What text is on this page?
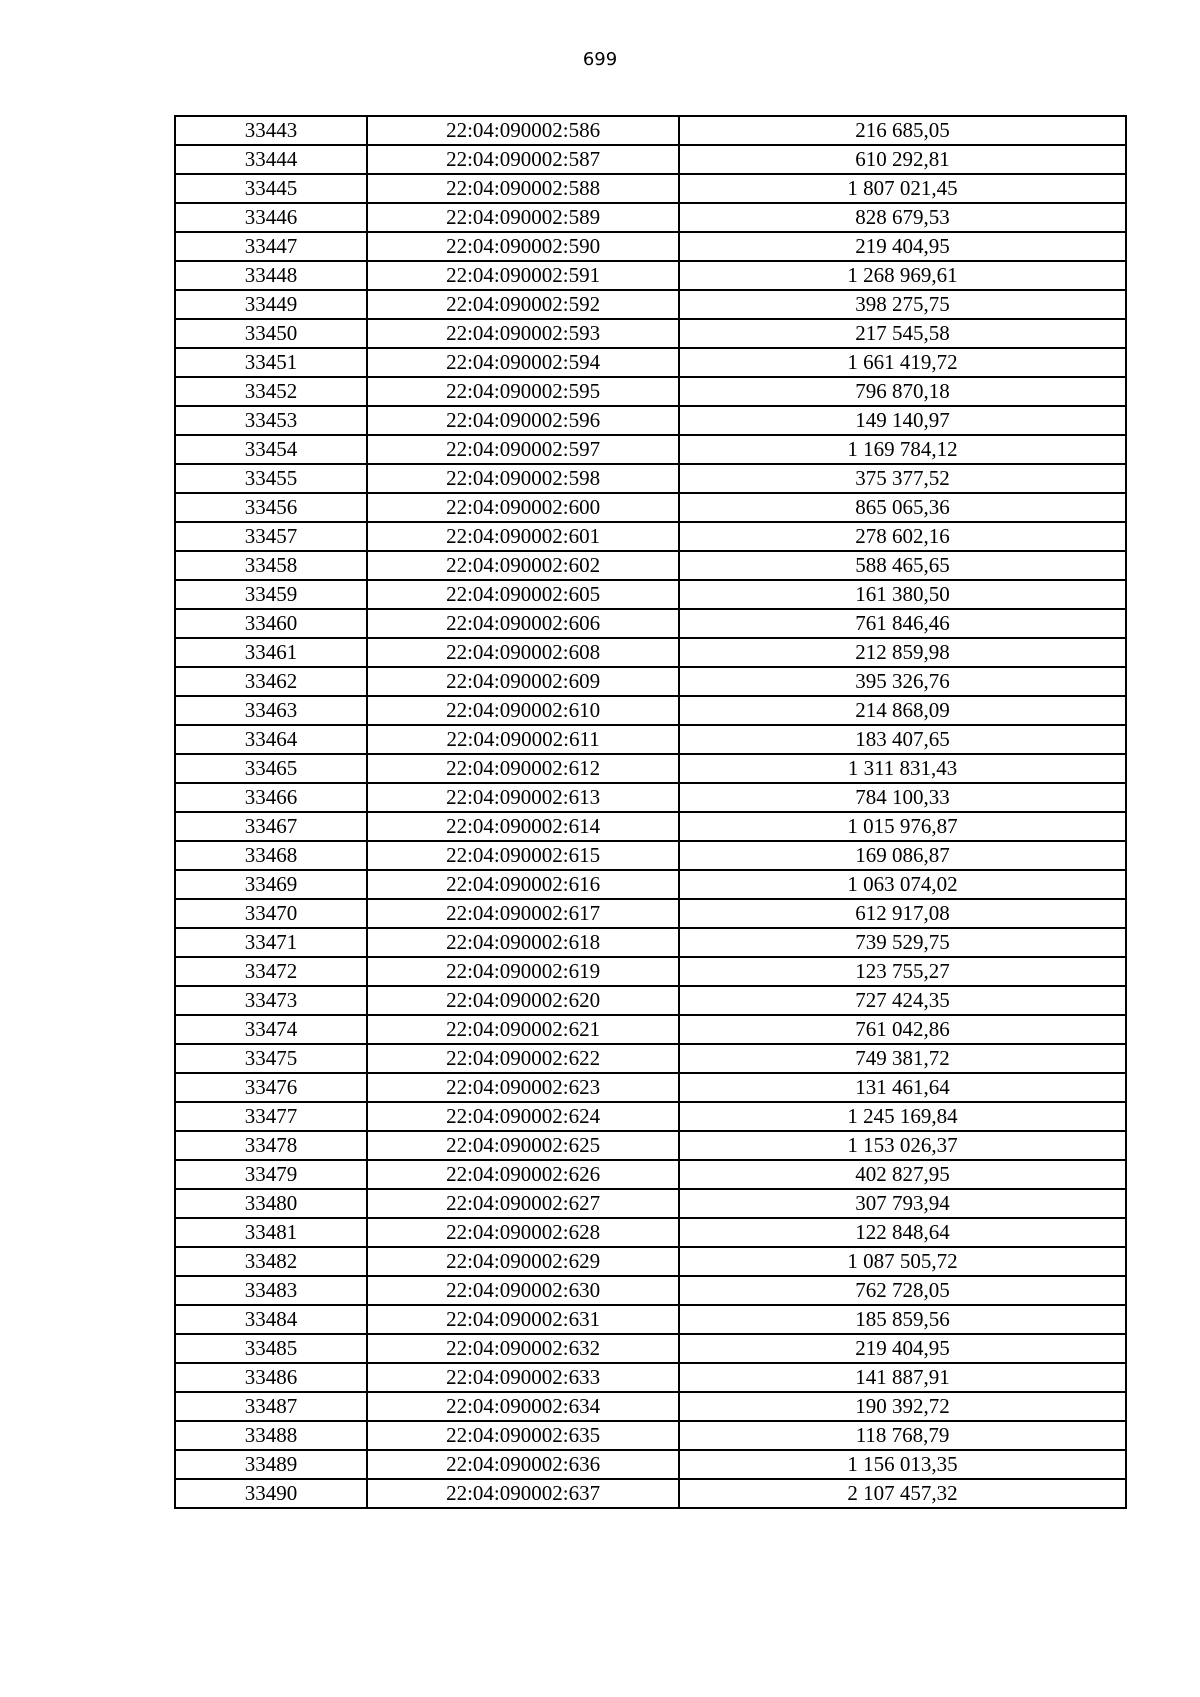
699
33443	22:04:090002:586	216 685,05
33444	22:04:090002:587	610 292,81
33445	22:04:090002:588	1 807 021,45
33446	22:04:090002:589	828 679,53
33447	22:04:090002:590	219 404,95
33448	22:04:090002:591	1 268 969,61
33449	22:04:090002:592	398 275,75
33450	22:04:090002:593	217 545,58
33451	22:04:090002:594	1 661 419,72
33452	22:04:090002:595	796 870,18
33453	22:04:090002:596	149 140,97
33454	22:04:090002:597	1 169 784,12
33455	22:04:090002:598	375 377,52
33456	22:04:090002:600	865 065,36
33457	22:04:090002:601	278 602,16
33458	22:04:090002:602	588 465,65
33459	22:04:090002:605	161 380,50
33460	22:04:090002:606	761 846,46
33461	22:04:090002:608	212 859,98
33462	22:04:090002:609	395 326,76
33463	22:04:090002:610	214 868,09
33464	22:04:090002:611	183 407,65
33465	22:04:090002:612	1 311 831,43
33466	22:04:090002:613	784 100,33
33467	22:04:090002:614	1 015 976,87
33468	22:04:090002:615	169 086,87
33469	22:04:090002:616	1 063 074,02
33470	22:04:090002:617	612 917,08
33471	22:04:090002:618	739 529,75
33472	22:04:090002:619	123 755,27
33473	22:04:090002:620	727 424,35
33474	22:04:090002:621	761 042,86
33475	22:04:090002:622	749 381,72
33476	22:04:090002:623	131 461,64
33477	22:04:090002:624	1 245 169,84
33478	22:04:090002:625	1 153 026,37
33479	22:04:090002:626	402 827,95
33480	22:04:090002:627	307 793,94
33481	22:04:090002:628	122 848,64
33482	22:04:090002:629	1 087 505,72
33483	22:04:090002:630	762 728,05
33484	22:04:090002:631	185 859,56
33485	22:04:090002:632	219 404,95
33486	22:04:090002:633	141 887,91
33487	22:04:090002:634	190 392,72
33488	22:04:090002:635	118 768,79
33489	22:04:090002:636	1 156 013,35
33490	22:04:090002:637	2 107 457,32
